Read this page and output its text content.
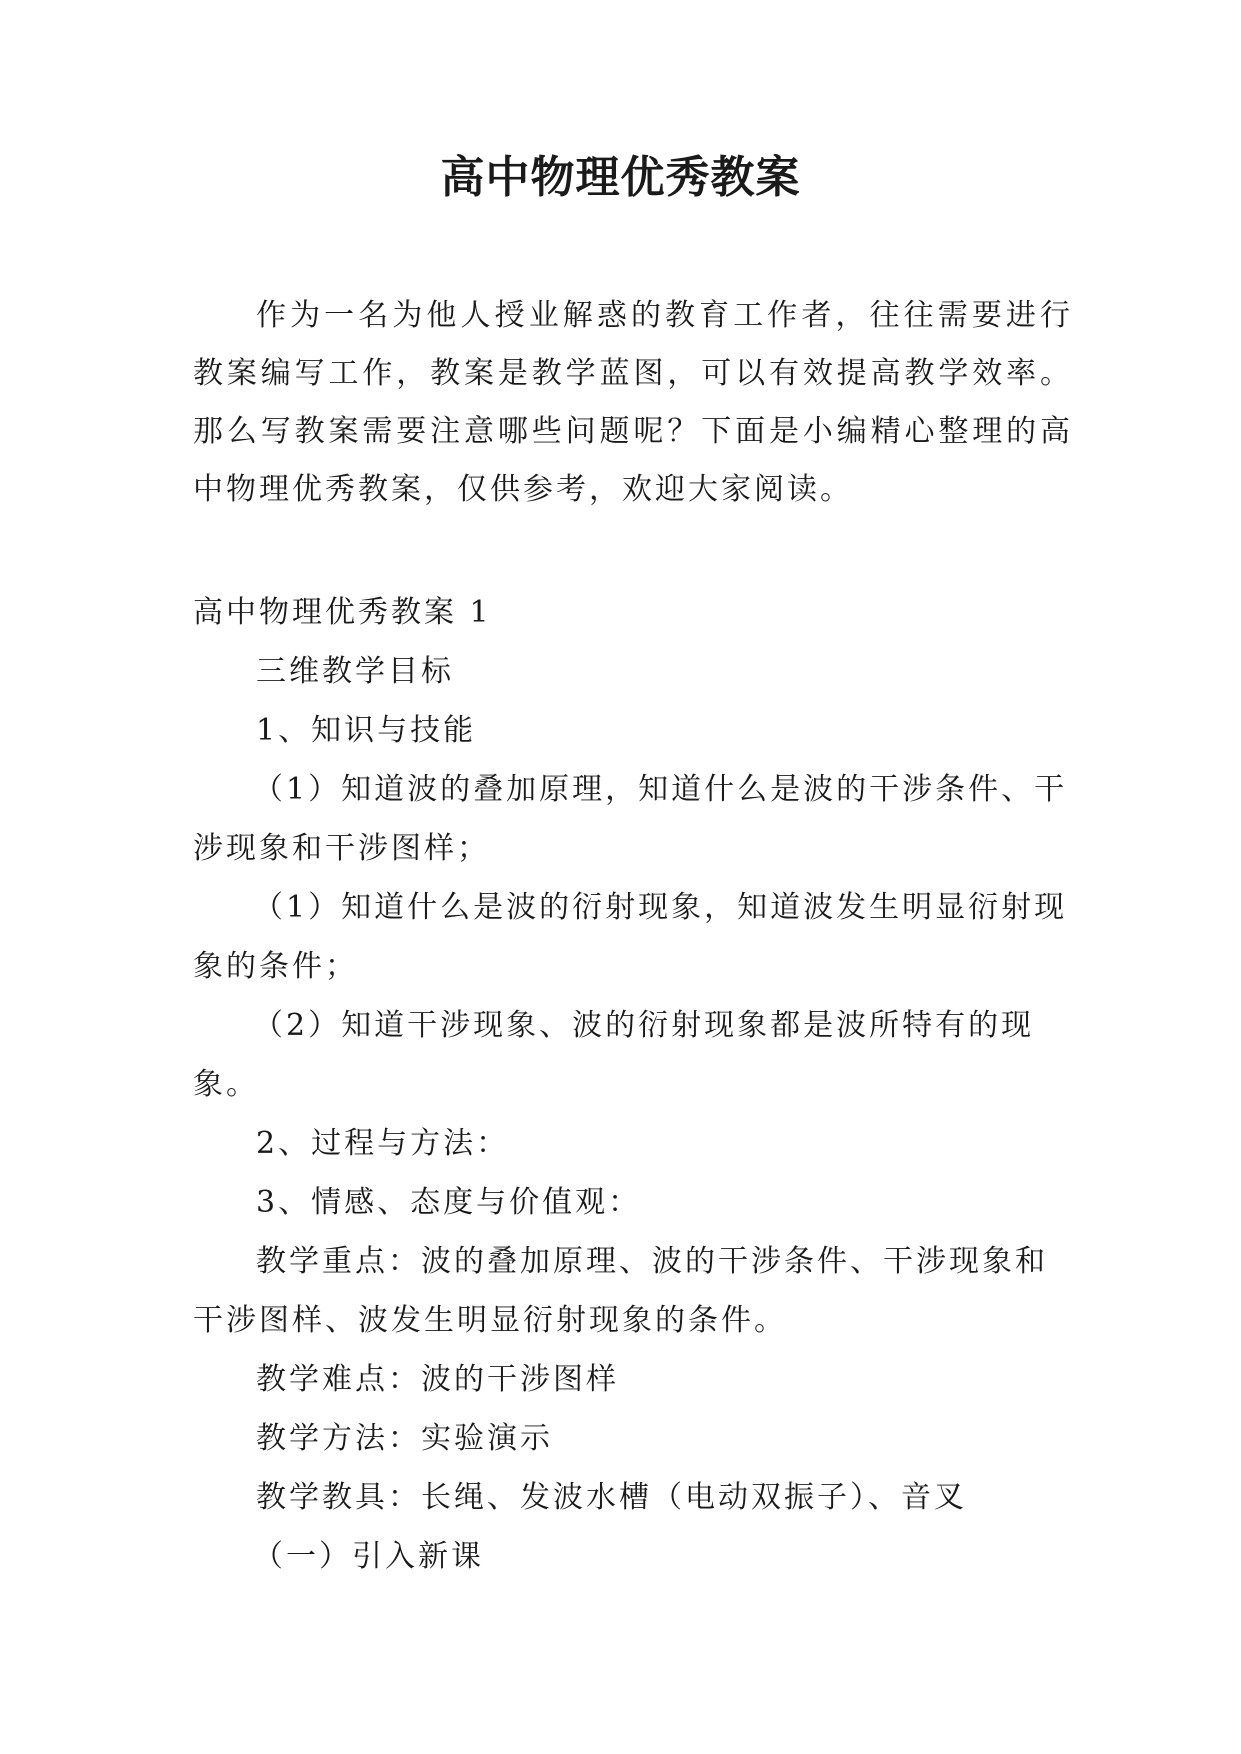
高中物理优秀教案

作为一名为他人授业解惑的教育工作者，往往需要进行教案编写工作，教案是教学蓝图，可以有效提高教学效率。那么写教案需要注意哪些问题呢？下面是小编精心整理的高中物理优秀教案，仅供参考，欢迎大家阅读。

高中物理优秀教案 1

三维教学目标

1、知识与技能

（1）知道波的叠加原理，知道什么是波的干涉条件、干涉现象和干涉图样；

（1）知道什么是波的衍射现象，知道波发生明显衍射现象的条件；

（2）知道干涉现象、波的衍射现象都是波所特有的现象。

2、过程与方法：

3、情感、态度与价值观：

教学重点：波的叠加原理、波的干涉条件、干涉现象和干涉图样、波发生明显衍射现象的条件。

教学难点：波的干涉图样

教学方法：实验演示

教学教具：长绳、发波水槽（电动双振子）、音叉

（一）引入新课
